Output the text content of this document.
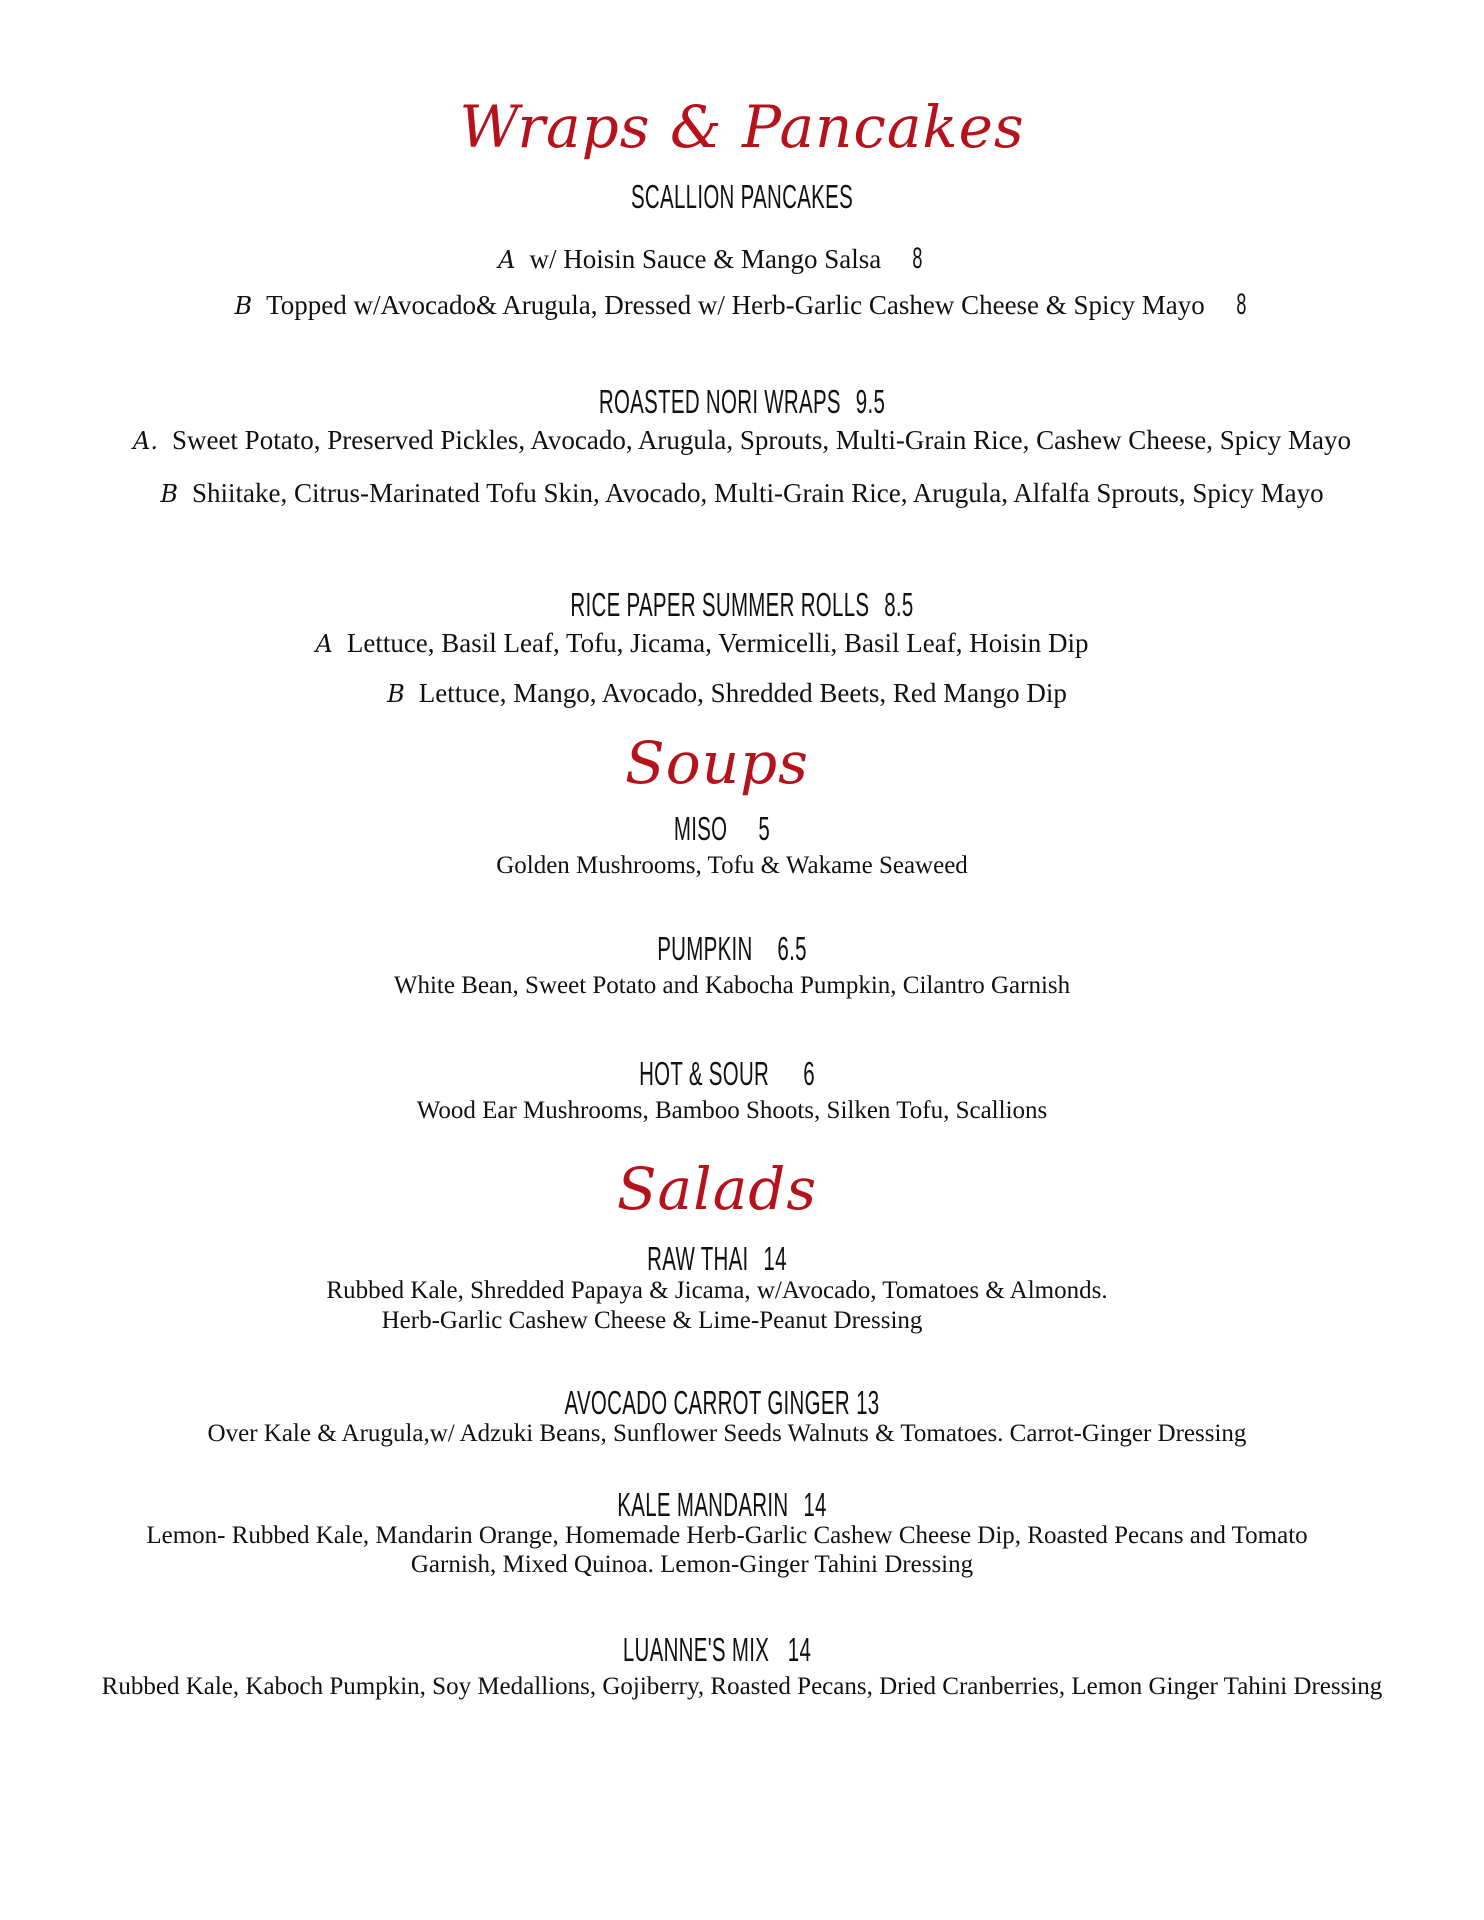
Wraps & Pancakes
SCALLION PANCAKES
A w/ Hoisin Sauce & Mango Salsa 8
B Topped w/Avocado& Arugula, Dressed w/ Herb-Garlic Cashew Cheese & Spicy Mayo 8
ROASTED NORI WRAPS 9.5
A. Sweet Potato, Preserved Pickles, Avocado, Arugula, Sprouts, Multi-Grain Rice, Cashew Cheese, Spicy Mayo
B Shiitake, Citrus-Marinated Tofu Skin, Avocado, Multi-Grain Rice, Arugula, Alfalfa Sprouts, Spicy Mayo
RICE PAPER SUMMER ROLLS 8.5
A Lettuce, Basil Leaf, Tofu, Jicama, Vermicelli, Basil Leaf, Hoisin Dip
B Lettuce, Mango, Avocado, Shredded Beets, Red Mango Dip
Soups
MISO 5
Golden Mushrooms, Tofu & Wakame Seaweed
PUMPKIN 6.5
White Bean, Sweet Potato and Kabocha Pumpkin, Cilantro Garnish
HOT & SOUR 6
Wood Ear Mushrooms, Bamboo Shoots, Silken Tofu, Scallions
Salads
RAW THAI 14
Rubbed Kale, Shredded Papaya & Jicama, w/Avocado, Tomatoes & Almonds.
Herb-Garlic Cashew Cheese & Lime-Peanut Dressing
AVOCADO CARROT GINGER 13
Over Kale & Arugula,w/ Adzuki Beans, Sunflower Seeds Walnuts & Tomatoes. Carrot-Ginger Dressing
KALE MANDARIN 14
Lemon- Rubbed Kale, Mandarin Orange, Homemade Herb-Garlic Cashew Cheese Dip, Roasted Pecans and Tomato
Garnish, Mixed Quinoa. Lemon-Ginger Tahini Dressing
LUANNE'S MIX 14
Rubbed Kale, Kaboch Pumpkin, Soy Medallions, Gojiberry, Roasted Pecans, Dried Cranberries, Lemon Ginger Tahini Dressing
